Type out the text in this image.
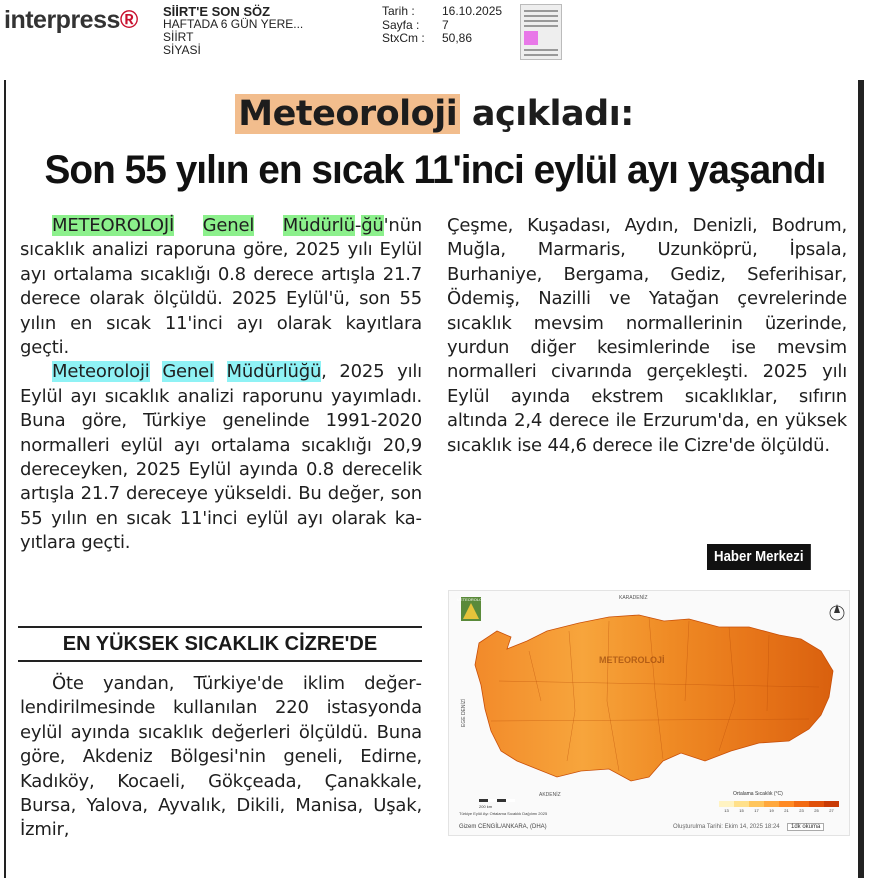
interpress® SİİRT'E SON SÖZ
HAFTADA 6 GÜN YERE...
SİİRT
SİYASİ
Tarih :	16.10.2025
Sayfa :	7
StxCm :	50,86
Meteoroloji açıkladı:
Son 55 yılın en sıcak 11'inci eylül ayı yaşandı

METEOROLOJİ Genel Müdürlü-ğü'nün sıcaklık analizi raporuna göre, 2025 yılı Eylül ayı ortalama sıcaklığı 0.8 derece artışla 21.7 derece olarak ölçüldü. 2025 Eylül'ü, son 55 yılın en sıcak 11'inci ayı olarak kayıtlara geçti.

Meteoroloji Genel Müdürlüğü, 2025 yılı Eylül ayı sıcaklık analizi raporunu yayımladı. Buna göre, Türkiye genelinde 1991-2020 normalleri eylül ayı ortalama sıcaklığı 20,9 dereceyken, 2025 Eylül ayında 0.8 derecelik artışla 21.7 dereceye yükseldi. Bu değer, son 55 yılın en sıcak 11'inci eylül ayı olarak kayıtlara geçti.

EN YÜKSEK SICAKLIK CİZRE'DE

Öte yandan, Türkiye'de iklim değerlendirilmesinde kullanılan 220 istasyonda eylül ayında sıcaklık değerleri ölçüldü. Buna göre, Akdeniz Bölgesi'nin geneli, Edirne, Kadıköy, Kocaeli, Gökçeada, Çanakkale, Bursa, Yalova, Ayvalık, Dikili, Manisa, Uşak, İzmir,

Çeşme, Kuşadası, Aydın, Denizli, Bodrum, Muğla, Marmaris, Uzunköprü, İpsala, Burhaniye, Bergama, Gediz, Seferihisar, Ödemiş, Nazilli ve Yatağan çevrelerinde sıcaklık mevsim normallerinin üzerinde, yurdun diğer kesimlerinde ise mevsim normalleri civarında gerçekleşti. 2025 yılı Eylül ayında ekstrem sıcaklıklar, sıfırın altında 2,4 derece ile Erzurum'da, en yüksek sıcaklık ise 44,6 derece ile Cizre'de ölçüldü.

Haber Merkezi
METEOROLOJİ
METEOROLOJİ
KARADENİZ
EGE DENİZİ
AKDENİZ
200 km
Türkiye Eylül Ayı Ortalama Sıcaklık Dağılımı 2025
13	15	17	19	21	23	25	27
Ortalama Sıcaklık (°C)
Gizem CENGİL/ANKARA, (DHA)	Oluşturulma Tarihi: Ekim 14, 2025 18:24	1dk okuma
